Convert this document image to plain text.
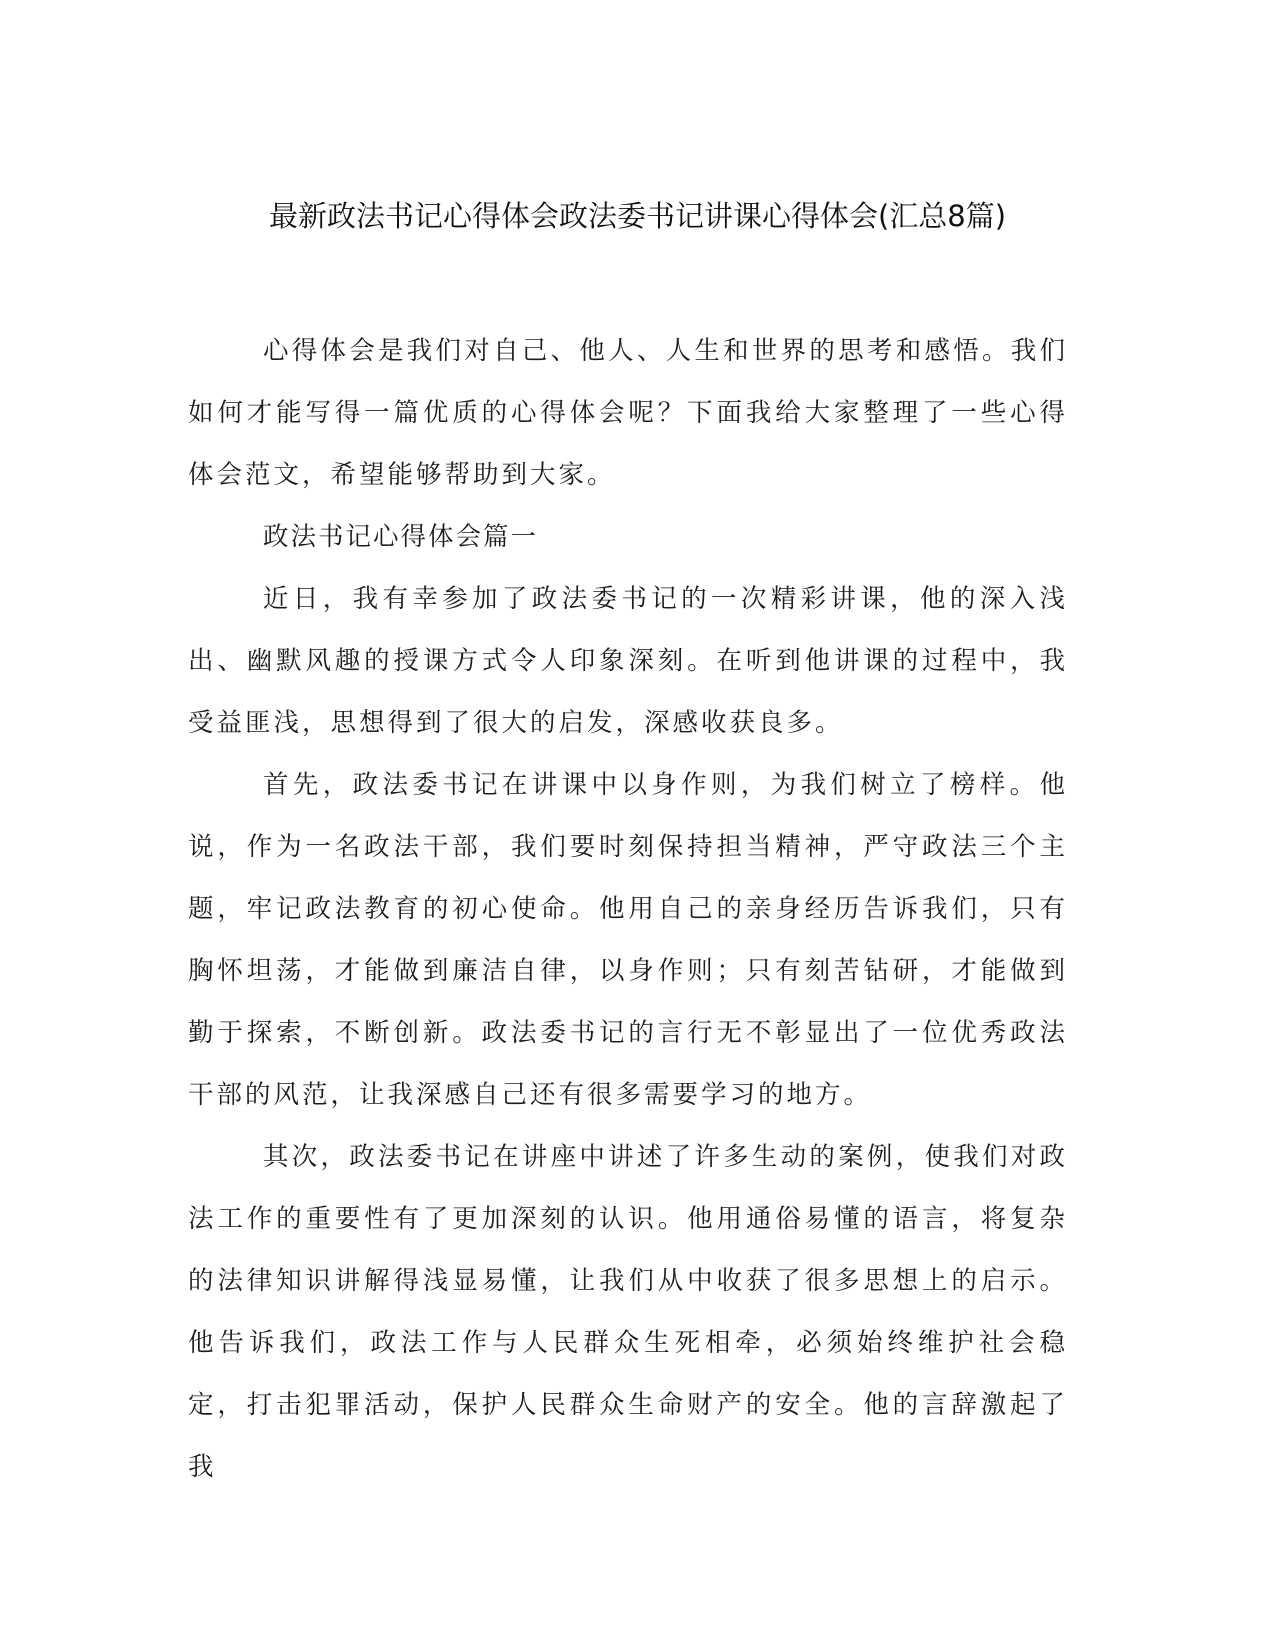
最新政法书记心得体会政法委书记讲课心得体会(汇总8篇)

心得体会是我们对自己、他人、人生和世界的思考和感悟。我们如何才能写得一篇优质的心得体会呢？下面我给大家整理了一些心得体会范文，希望能够帮助到大家。

政法书记心得体会篇一

近日，我有幸参加了政法委书记的一次精彩讲课，他的深入浅出、幽默风趣的授课方式令人印象深刻。在听到他讲课的过程中，我受益匪浅，思想得到了很大的启发，深感收获良多。

首先，政法委书记在讲课中以身作则，为我们树立了榜样。他说，作为一名政法干部，我们要时刻保持担当精神，严守政法三个主题，牢记政法教育的初心使命。他用自己的亲身经历告诉我们，只有胸怀坦荡，才能做到廉洁自律，以身作则；只有刻苦钻研，才能做到勤于探索，不断创新。政法委书记的言行无不彰显出了一位优秀政法干部的风范，让我深感自己还有很多需要学习的地方。

其次，政法委书记在讲座中讲述了许多生动的案例，使我们对政法工作的重要性有了更加深刻的认识。他用通俗易懂的语言，将复杂的法律知识讲解得浅显易懂，让我们从中收获了很多思想上的启示。他告诉我们，政法工作与人民群众生死相牵，必须始终维护社会稳定，打击犯罪活动，保护人民群众生命财产的安全。他的言辞激起了我
